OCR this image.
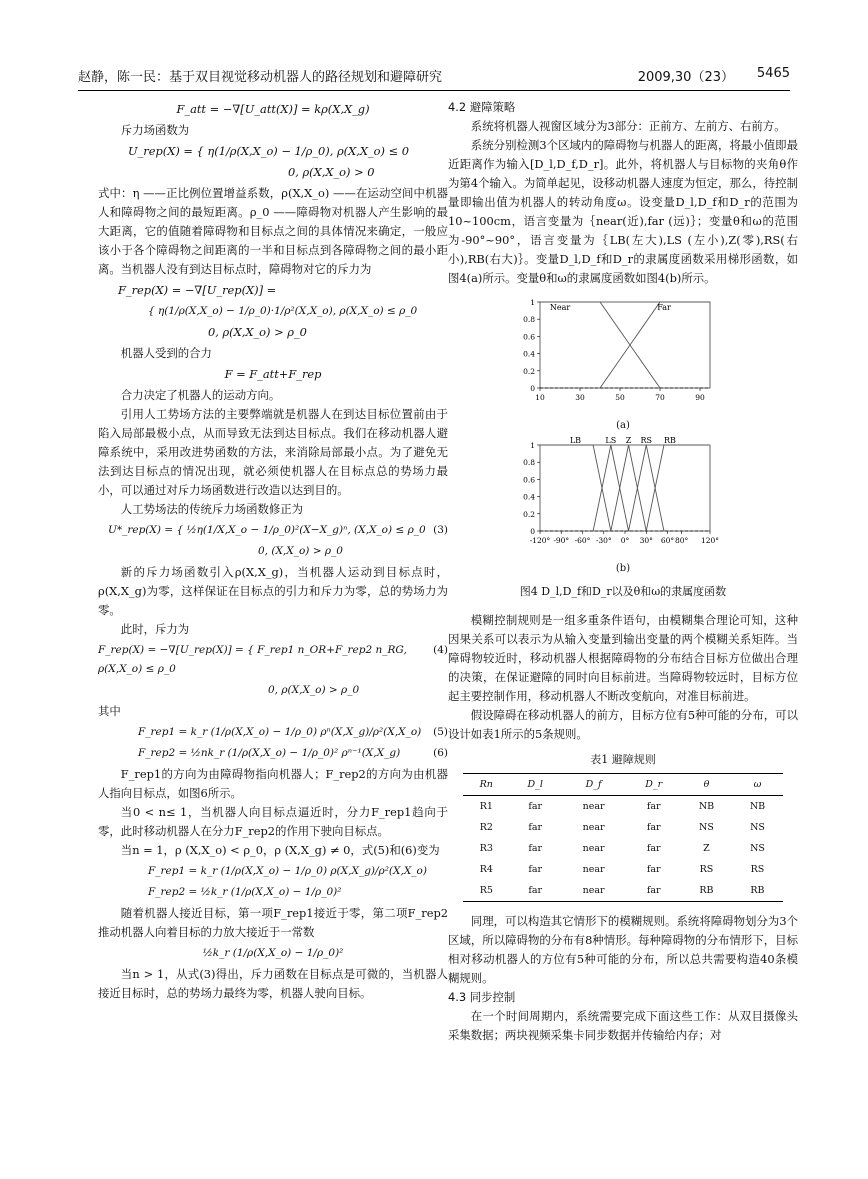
赵静，陈一民：基于双目视觉移动机器人的路径规划和避障研究	2009,30（23） 5465

F_att = −∇[U_att(X)] = kρ(X,X_g)

斥力场函数为

U_rep(X) = { η(1/ρ(X,X_o) − 1/ρ_0), ρ(X,X_o) ≤ 0

0, ρ(X,X_o) > 0

式中：η ——正比例位置增益系数，ρ(X,X_o) ——在运动空间中机器人和障碍物之间的最短距离。ρ_0 ——障碍物对机器人产生影响的最大距离，它的值随着障碍物和目标点之间的具体情况来确定，一般应该小于各个障碍物之间距离的一半和目标点到各障碍物之间的最小距离。当机器人没有到达目标点时，障碍物对它的斥力为

F_rep(X) = −∇[U_rep(X)] =

{ η(1/ρ(X,X_o) − 1/ρ_0)·1/ρ²(X,X_o), ρ(X,X_o) ≤ ρ_0

0, ρ(X,X_o) > ρ_0

机器人受到的合力

F = F_att+F_rep

合力决定了机器人的运动方向。

引用人工势场方法的主要弊端就是机器人在到达目标位置前由于陷入局部最极小点，从而导致无法到达目标点。我们在移动机器人避障系统中，采用改进势函数的方法，来消除局部最小点。为了避免无法到达目标点的情况出现，就必须使机器人在目标点总的势场力最小，可以通过对斥力场函数进行改造以达到目的。

人工势场法的传统斥力场函数修正为

U*_rep(X) = { ½η(1/X,X_o − 1/ρ_0)²(X−X_g)ⁿ, (X,X_o) ≤ ρ_0 (3)

0, (X,X_o) > ρ_0

新的斥力场函数引入ρ(X,X_g)，当机器人运动到目标点时，ρ(X,X_g)为零，这样保证在目标点的引力和斥力为零，总的势场力为零。

此时，斥力为

F_rep(X) = −∇[U_rep(X)] = { F_rep1 n_OR+F_rep2 n_RG, ρ(X,X_o) ≤ ρ_0
(4)

0, ρ(X,X_o) > ρ_0

其中

F_rep1 = k_r (1/ρ(X,X_o) − 1/ρ_0) ρⁿ(X,X_g)/ρ²(X,X_o) (5)

F_rep2 = ½nk_r (1/ρ(X,X_o) − 1/ρ_0)² ρⁿ⁻¹(X,X_g)	(6)

F_rep1的方向为由障碍物指向机器人；F_rep2的方向为由机器人指向目标点，如图6所示。

当0 < n≤ 1，当机器人向目标点逼近时，分力F_rep1趋向于零，此时移动机器人在分力F_rep2的作用下驶向目标点。

当n = 1，ρ (X,X_o) < ρ_0，ρ (X,X_g) ≠ 0，式(5)和(6)变为

F_rep1 = k_r (1/ρ(X,X_o) − 1/ρ_0) ρ(X,X_g)/ρ²(X,X_o)

F_rep2 = ½k_r (1/ρ(X,X_o) − 1/ρ_0)²

随着机器人接近目标，第一项F_rep1接近于零，第二项F_rep2推动机器人向着目标的力放大接近于一常数

½k_r (1/ρ(X,X_o) − 1/ρ_0)²

当n > 1，从式(3)得出，斥力函数在目标点是可微的，当机器人接近目标时，总的势场力最终为零，机器人驶向目标。

4.2 避障策略

系统将机器人视窗区域分为3部分：正前方、左前方、右前方。

系统分别检测3个区域内的障碍物与机器人的距离，将最小值即最近距离作为输入[D_l,D_f,D_r]。此外，将机器人与目标物的夹角θ作为第4个输入。为简单起见，设移动机器人速度为恒定，那么，待控制量即输出值为机器人的转动角度ω。设变量D_l,D_f和D_r的范围为10~100cm，语言变量为｛near(近),far (远)｝；变量θ和ω的范围为-90°~90°，语言变量为｛LB(左大),LS (左小),Z(零),RS(右小),RB(右大)｝。变量D_l,D_f和D_r的隶属度函数采用梯形函数，如图4(a)所示。变量θ和ω的隶属度函数如图4(b)所示。

0
0.2
0.4
0.6
0.8
1
10	30	50	70	90
Near	Far

(a)

0
0.2
0.4
0.6
0.8
1
-120° -90° -60° -30° 0° 30° 60° 80° 120°
LB	LS Z RS RB

(b)

图4 D_l,D_f和D_r以及θ和ω的隶属度函数

模糊控制规则是一组多重条件语句，由模糊集合理论可知，这种因果关系可以表示为从输入变量到输出变量的两个模糊关系矩阵。当障碍物较近时，移动机器人根据障碍物的分布结合目标方位做出合理的决策，在保证避障的同时向目标前进。当障碍物较远时，目标方位起主要控制作用，移动机器人不断改变航向，对准目标前进。

假设障碍在移动机器人的前方，目标方位有5种可能的分布，可以设计如表1所示的5条规则。

表1 避障规则

Rn	D_l	D_f	D_r	θ	ω
R1	far	near	far	NB	NB
R2	far	near	far	NS	NS
R3	far	near	far	Z	NS
R4	far	near	far	RS	RS
R5	far	near	far	RB	RB

同理，可以构造其它情形下的模糊规则。系统将障碍物划分为3个区域，所以障碍物的分布有8种情形。每种障碍物的分布情形下，目标相对移动机器人的方位有5种可能的分布，所以总共需要构造40条模糊规则。

4.3 同步控制

在一个时间周期内，系统需要完成下面这些工作：从双目摄像头采集数据；两块视频采集卡同步数据并传输给内存；对
